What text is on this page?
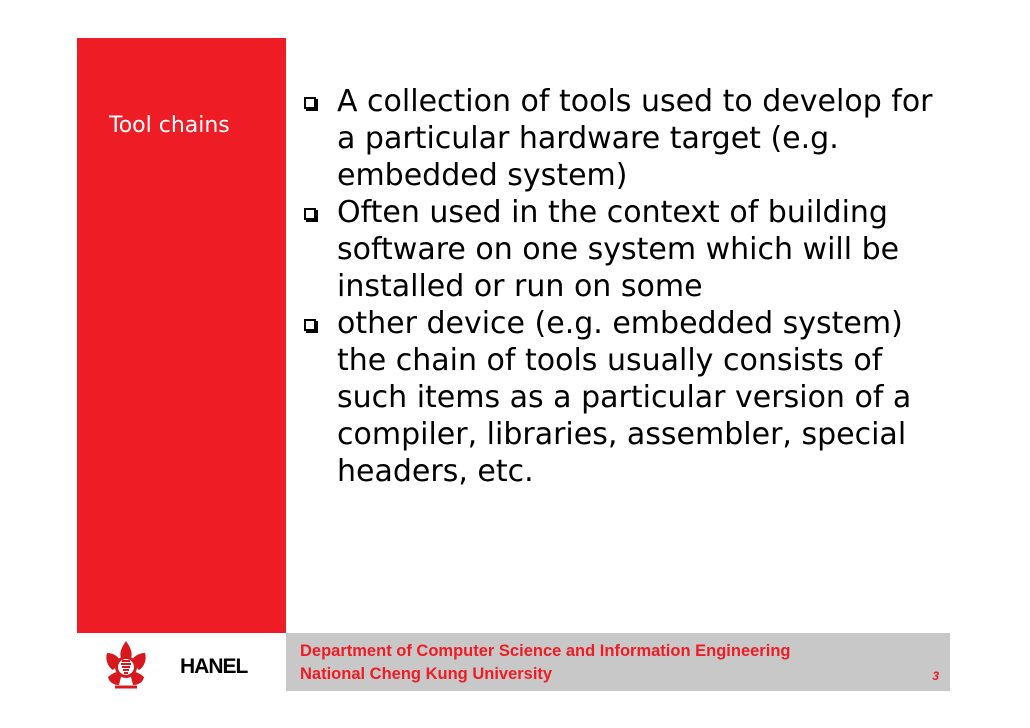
Tool chains
A collection of tools used to develop for a particular hardware target (e.g. embedded system)
Often used in the context of building software on one system which will be installed or run on some
other device (e.g. embedded system) the chain of tools usually consists of such items as a particular version of a compiler, libraries, assembler, special headers, etc.
HANEL
Department of Computer Science and Information Engineering
National Cheng Kung University	3
